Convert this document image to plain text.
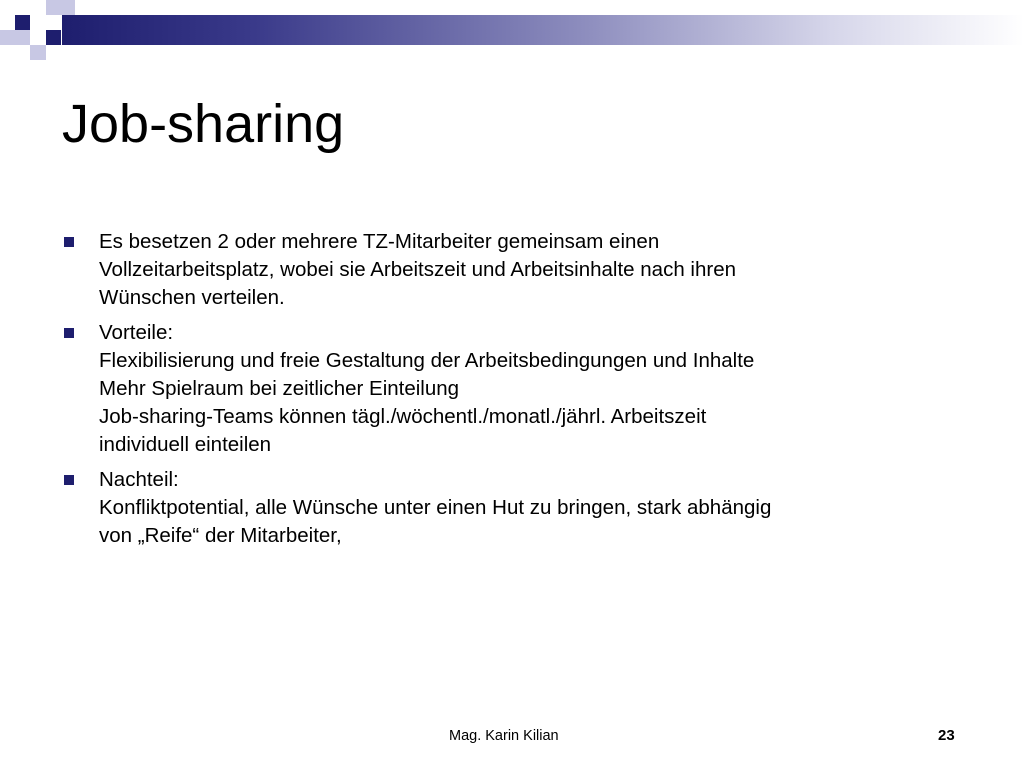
Job-sharing
Es besetzen 2 oder mehrere TZ-Mitarbeiter gemeinsam einen
Vollzeitarbeitsplatz, wobei sie Arbeitszeit und Arbeitsinhalte nach ihren
Wünschen verteilen.
Vorteile:
Flexibilisierung und freie Gestaltung der Arbeitsbedingungen und Inhalte
Mehr Spielraum bei zeitlicher Einteilung
Job-sharing-Teams können tägl./wöchentl./monatl./jährl. Arbeitszeit
individuell einteilen
Nachteil:
Konfliktpotential, alle Wünsche unter einen Hut zu bringen, stark abhängig
von „Reife“ der Mitarbeiter,
Mag. Karin Kilian	23
